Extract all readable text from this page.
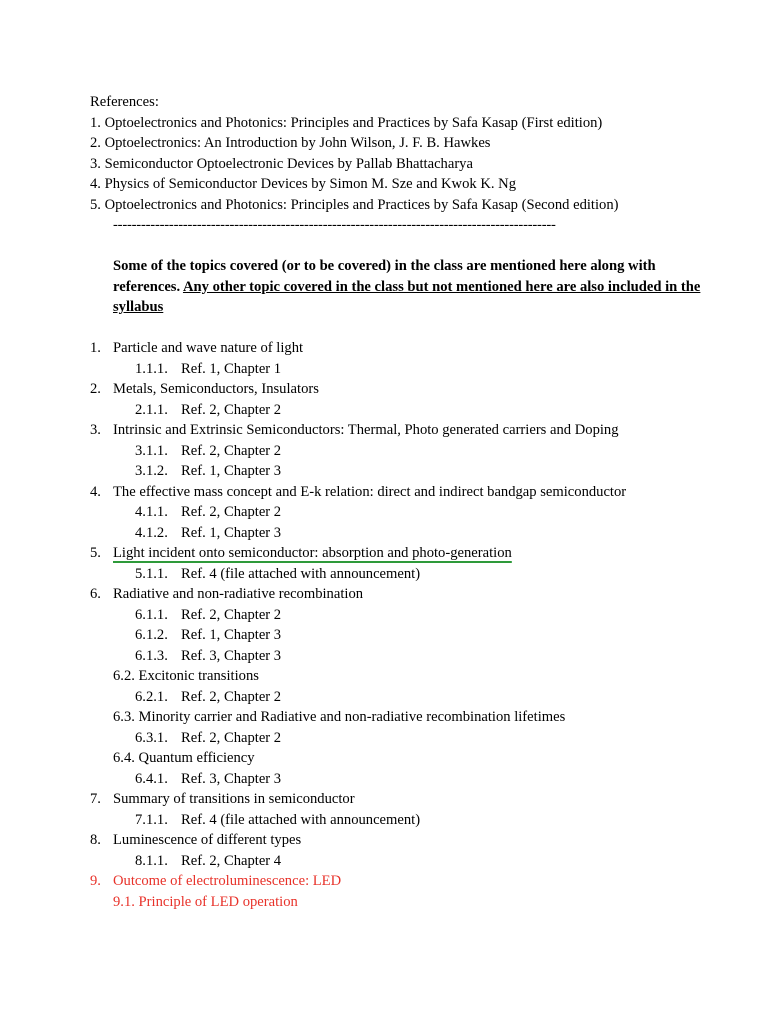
References:
1. Optoelectronics and Photonics: Principles and Practices by Safa Kasap (First edition)
2. Optoelectronics: An Introduction by John Wilson, J. F. B. Hawkes
3. Semiconductor Optoelectronic Devices by Pallab Bhattacharya
4. Physics of Semiconductor Devices by Simon M. Sze and Kwok K. Ng
5. Optoelectronics and Photonics: Principles and Practices by Safa Kasap (Second edition)
-----------------------------------------------------------------------------------------------
Some of the topics covered (or to be covered) in the class are mentioned here along with references. Any other topic covered in the class but not mentioned here are also included in the syllabus
1. Particle and wave nature of light
1.1.1. Ref. 1, Chapter 1
2. Metals, Semiconductors, Insulators
2.1.1. Ref. 2, Chapter 2
3. Intrinsic and Extrinsic Semiconductors: Thermal, Photo generated carriers and Doping
3.1.1. Ref. 2, Chapter 2
3.1.2. Ref. 1, Chapter 3
4. The effective mass concept and E-k relation: direct and indirect bandgap semiconductor
4.1.1. Ref. 2, Chapter 2
4.1.2. Ref. 1, Chapter 3
5. Light incident onto semiconductor: absorption and photo-generation
5.1.1. Ref. 4 (file attached with announcement)
6. Radiative and non-radiative recombination
6.1.1. Ref. 2, Chapter 2
6.1.2. Ref. 1, Chapter 3
6.1.3. Ref. 3, Chapter 3
6.2. Excitonic transitions
6.2.1. Ref. 2, Chapter 2
6.3. Minority carrier and Radiative and non-radiative recombination lifetimes
6.3.1. Ref. 2, Chapter 2
6.4. Quantum efficiency
6.4.1. Ref. 3, Chapter 3
7. Summary of transitions in semiconductor
7.1.1. Ref. 4 (file attached with announcement)
8. Luminescence of different types
8.1.1. Ref. 2, Chapter 4
9. Outcome of electroluminescence: LED
9.1. Principle of LED operation
